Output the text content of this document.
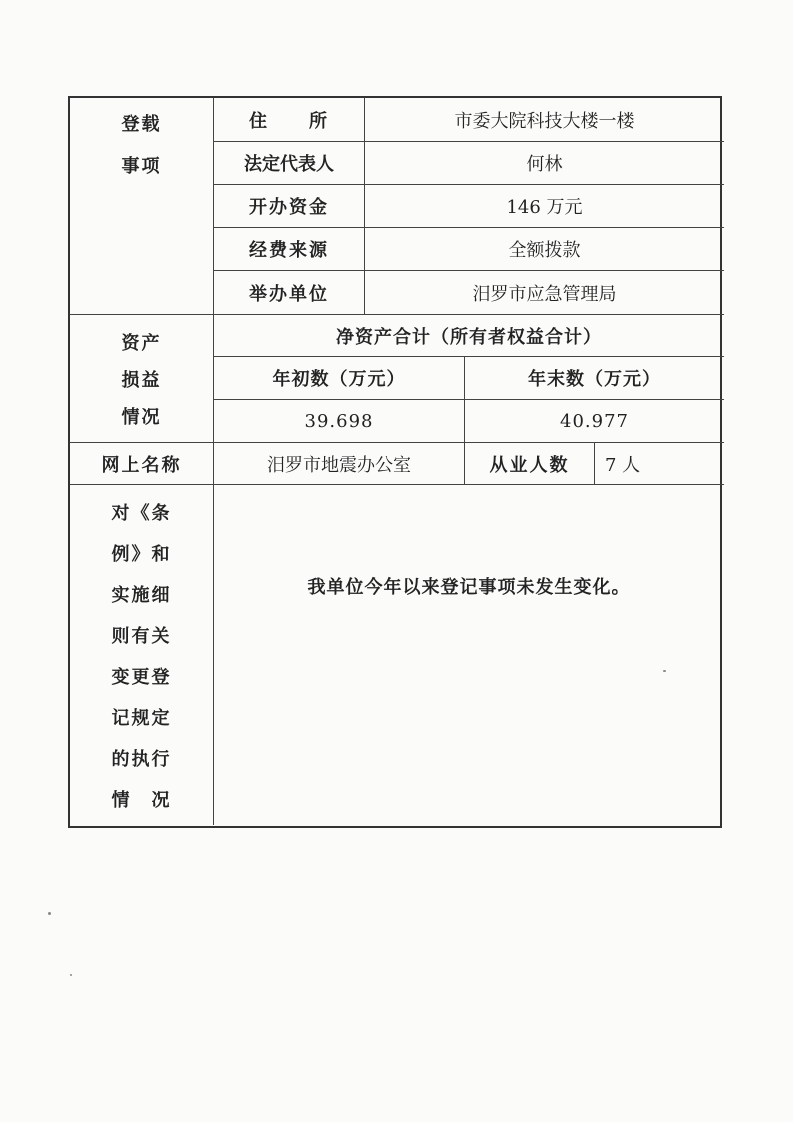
登载
事项
住　　所	市委大院科技大楼一楼
法定代表人	何林
开办资金	146 万元
经费来源	全额拨款
举办单位	汨罗市应急管理局
资产
损益
情况
净资产合计（所有者权益合计）
年初数（万元）	年末数（万元）
39.698	40.977
网上名称	汨罗市地震办公室	从业人数	7 人
对《条
例》和
实施细
则有关
变更登
记规定
的执行
情　况
我单位今年以来登记事项未发生变化。
